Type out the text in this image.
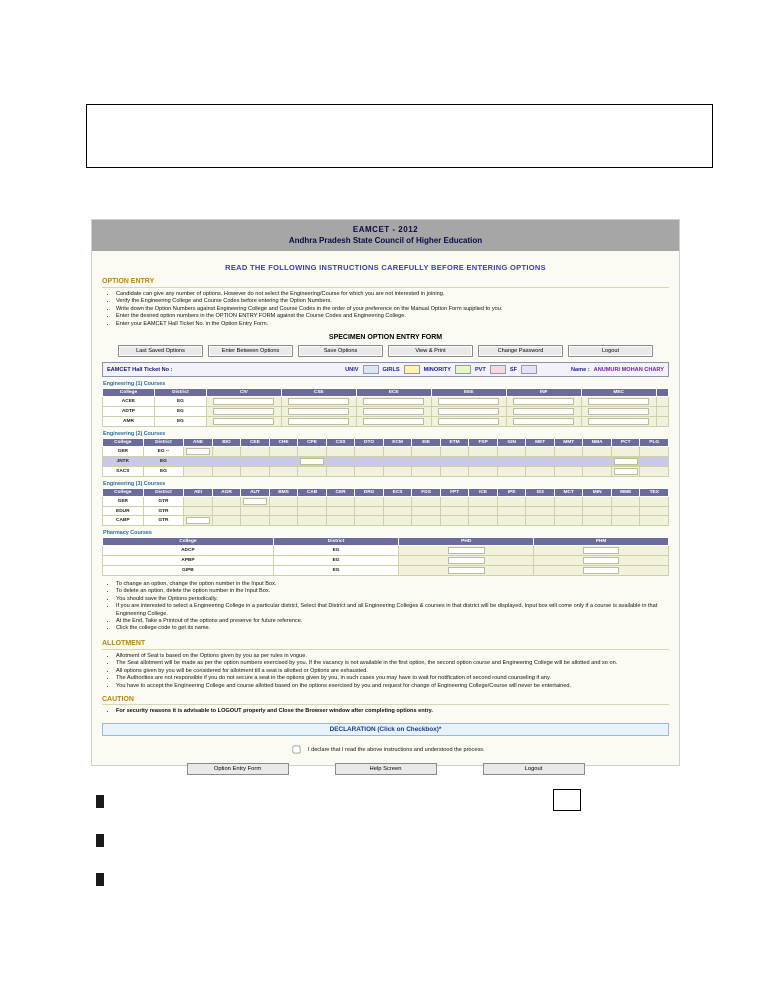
EAMCET - 2012
Andhra Pradesh State Council of Higher Education
READ THE FOLLOWING INSTRUCTIONS CAREFULLY BEFORE ENTERING OPTIONS
OPTION ENTRY
• Candidate can give any number of options. However do not select the Engineering/Course for which you are not interested in joining.
• Verify the Engineering College and Course Codes before entering the Option Numbers.
• Write down the Option Numbers against Engineering College and Course Codes in the order of your preference on the Manual Option Form supplied to you.
• Enter the desired option numbers in the OPTION ENTRY FORM against the Course Codes and Engineering College.
• Enter your EAMCET Hall Ticket No. in the Option Entry Form.
SPECIMEN OPTION ENTRY FORM
Last Saved Options	Enter Between Options	Save Options	View & Print	Change Password	Logout
EAMCET Hall Ticket No :	UNIV	GIRLS	MINORITY	PVT	SF	Name : ANUMURI MOHAN CHARY
Engineering (1) Courses
College	District	CIV	CSE	ECE	EEE	INF	MEC	
ACEE	EG	

ADTP	EG	

AMR	EG	

Engineering (2) Courses
College	District	ANE	BIO	CEE	CHE	CPE	CSS	DTO	ECM	EIE	ETM	FSP	GIN	MET	MMT	NMA	PCT	PLG
GER	EG --	

JNTK	EG					

SACS	EG																

Engineering (3) Courses
College	District	AEI	AGR	AUT	BMS	CAB	CER	DRG	ECS	FDS	FPT	ICE	IPE	IS3	MCT	MIN	MME	TEX
GER	GTR			

EDUR	GTR																	
CABP	GTR	

Pharmacy Courses
College	District	PHD	PHM
ADCP	EG	

APBP	EG	

GIPB	EG	

• To change an option, change the option number in the Input Box.
• To delete an option, delete the option number in the Input Box.
• You should save the Options periodically.
• If you are interested to select a Engineering College in a particular district, Select that District and all Engineering Colleges & courses in that district will be displayed. Input box will come only if a course is available in that Engineering College.
• At the End, Take a Printout of the options and preserve for future reference.
• Click the college code to get its name.
ALLOTMENT
• Allotment of Seat is based on the Options given by you as per rules in vogue.
• The Seat allotment will be made as per the option numbers exercised by you. If the vacancy is not available in the first option, the second option course and Engineering College will be allotted and so on.
• All options given by you will be considered for allotment till a seat is allotted or Options are exhausted.
• The Authorities are not responsible if you do not secure a seat in the options given by you, in such cases you may have to wait for notification of second round counseling if any.
• You have to accept the Engineering College and course allotted based on the options exercised by you and request for change of Engineering College/Course will never be entertained.
CAUTION
• For security reasons it is advisable to LOGOUT properly and Close the Browser window after completing options entry.
DECLARATION (Click on Checkbox)*
I declare that I read the above instructions and understood the process.
Option Entry Form	Help Screen	Logout
